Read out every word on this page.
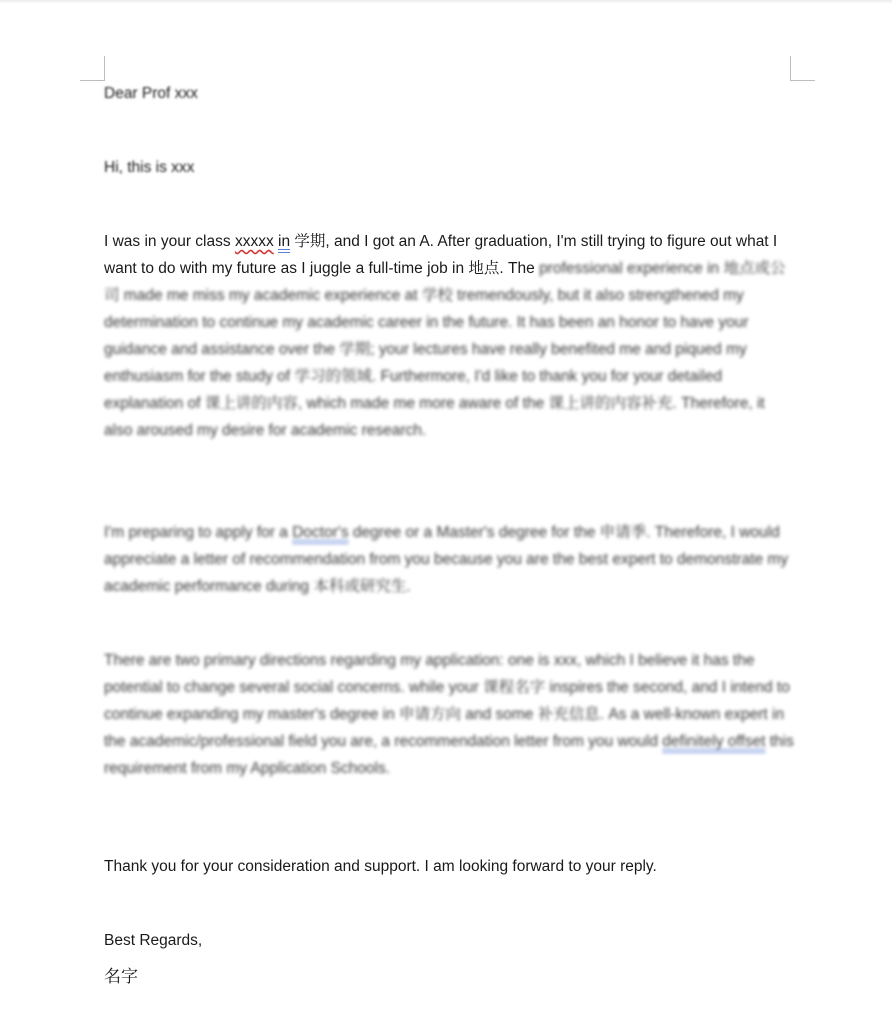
Dear Prof xxx

Hi, this is xxx

I was in your class xxxxx in 学期, and I got an A. After graduation, I'm still trying to figure out what I want to do with my future as I juggle a full-time job in 地点. The professional experience in 地点或公司 made me miss my academic experience at 学校 tremendously, but it also strengthened my determination to continue my academic career in the future. It has been an honor to have your guidance and assistance over the 学期; your lectures have really benefited me and piqued my enthusiasm for the study of 学习的领域. Furthermore, I'd like to thank you for your detailed explanation of 课上讲的内容, which made me more aware of the 课上讲的内容补充. Therefore, it also aroused my desire for academic research.
I'm preparing to apply for a Doctor's degree or a Master's degree for the 申请季. Therefore, I would appreciate a letter of recommendation from you because you are the best expert to demonstrate my academic performance during 本科或研究生.
There are two primary directions regarding my application: one is xxx, which I believe it has the potential to change several social concerns. while your 课程名字 inspires the second, and I intend to continue expanding my master's degree in 申请方向 and some 补充信息. As a well-known expert in the academic/professional field you are, a recommendation letter from you would definitely offset this requirement from my Application Schools.

Thank you for your consideration and support. I am looking forward to your reply.

Best Regards,

名字
